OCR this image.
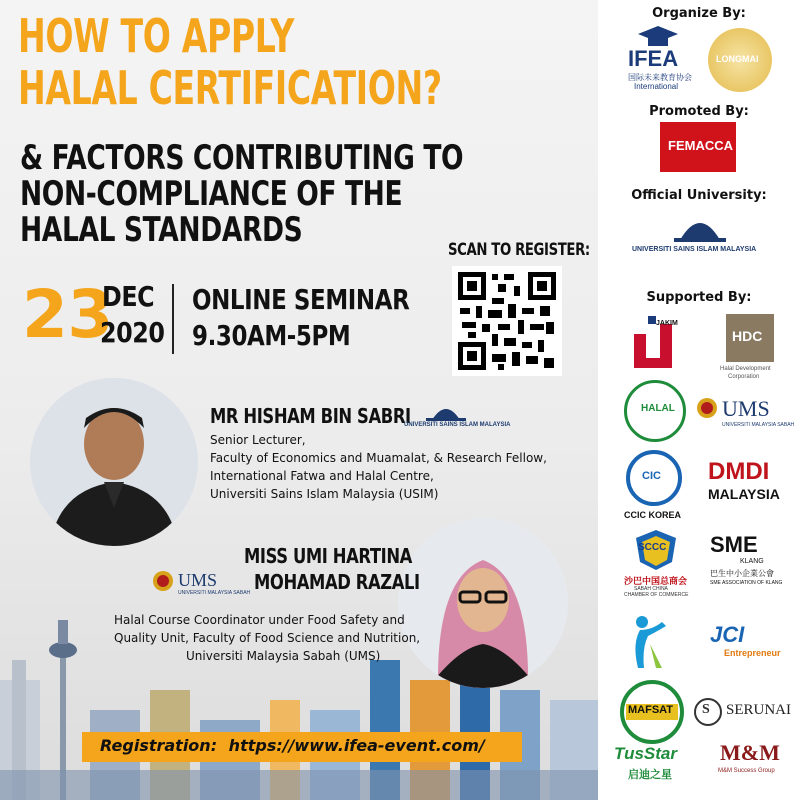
HOW TO APPLY
HALAL CERTIFICATION?
& FACTORS CONTRIBUTING TO
NON-COMPLIANCE OF THE
HALAL STANDARDS
23
DEC
2020
ONLINE SEMINAR
9.30AM-5PM
SCAN TO REGISTER:
MR HISHAM BIN SABRI
Senior Lecturer,
Faculty of Economics and Muamalat, & Research Fellow,
International Fatwa and Halal Centre,
Universiti Sains Islam Malaysia (USIM)
UNIVERSITI SAINS ISLAM MALAYSIA
MISS UMI HARTINA
MOHAMAD RAZALI
Halal Course Coordinator under Food Safety and
Quality Unit, Faculty of Food Science and Nutrition,
Universiti Malaysia Sabah (UMS)
UMS
UNIVERSITI MALAYSIA SABAH
Registration: https://www.ifea-event.com/
Organize By:
IFEA
国际未来教育协会
International
LONGMAI
Promoted By:
FEMACCA
Official University:
UNIVERSITI SAINS ISLAM MALAYSIA
Supported By:
JAKIM
HDC
Halal Development
Corporation
HALAL UMS
UNIVERSITI MALAYSIA SABAH
CIC
CCIC KOREA
DMDI
MALAYSIA
SCCC
沙巴中国总商会
SABAH CHINA
CHAMBER OF COMMERCE
SME
KLANG
巴生中小企業公會
SME ASSOCIATION OF KLANG
JCI
Entrepreneur
MAFSAT S SERUNAI
TusStar
启迪之星
M&M
M&M Success Group
